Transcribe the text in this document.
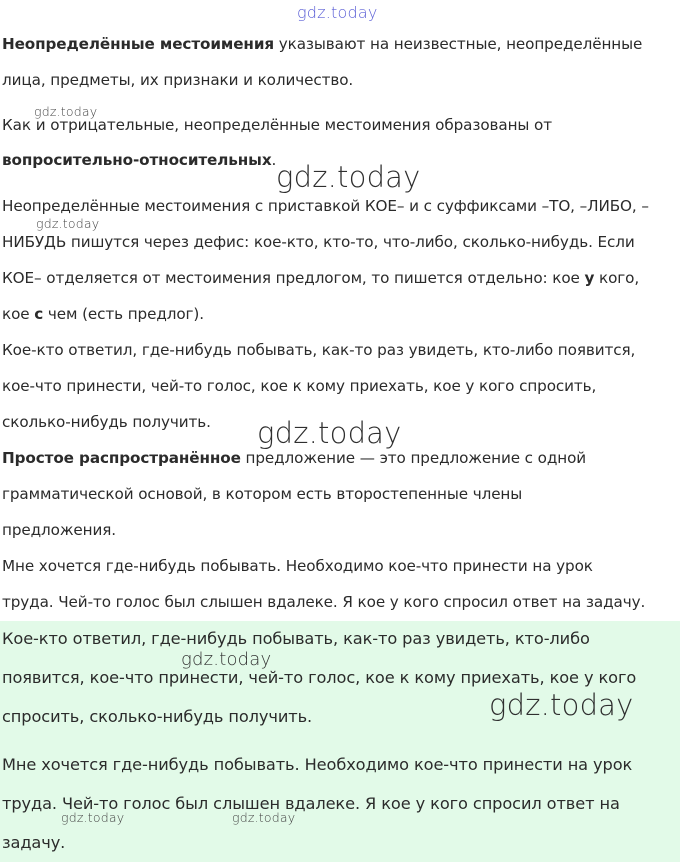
Неопределённые местоимения указывают на неизвестные, неопределённые
лица, предметы, их признаки и количество.
Как и отрицательные, неопределённые местоимения образованы от
вопросительно-относительных.
Неопределённые местоимения с приставкой КОЕ– и с суффиксами –ТО, –ЛИБО, –
НИБУДЬ пишутся через дефис: кое-кто, кто-то, что-либо, сколько-нибудь. Если
КОЕ– отделяется от местоимения предлогом, то пишется отдельно: кое у кого,
кое с чем (есть предлог).
Кое-кто ответил, где-нибудь побывать, как-то раз увидеть, кто-либо появится,
кое-что принести, чей-то голос, кое к кому приехать, кое у кого спросить,
сколько-нибудь получить.
Простое распространённое предложение — это предложение с одной
грамматической основой, в котором есть второстепенные члены
предложения.
Мне хочется где-нибудь побывать. Необходимо кое-что принести на урок
труда. Чей-то голос был слышен вдалеке. Я кое у кого спросил ответ на задачу.
Кое-кто ответил, где-нибудь побывать, как-то раз увидеть, кто-либо
появится, кое-что принести, чей-то голос, кое к кому приехать, кое у кого
спросить, сколько-нибудь получить.
Мне хочется где-нибудь побывать. Необходимо кое-что принести на урок
труда. Чей-то голос был слышен вдалеке. Я кое у кого спросил ответ на
задачу.
gdz.today
gdz.today
gdz.today
gdz.today
gdz.today
gdz.today
gdz.today
gdz.today	gdz.today
